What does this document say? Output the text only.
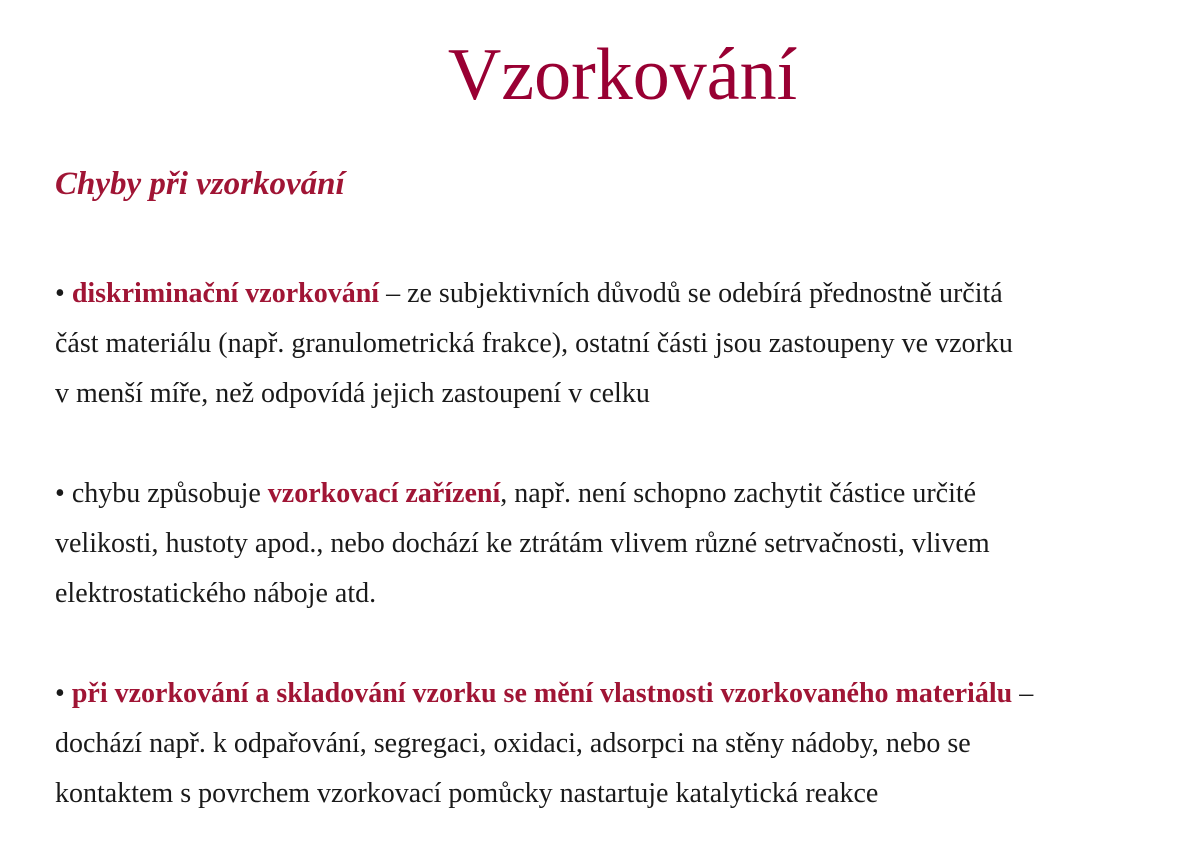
Vzorkování
Chyby při vzorkování
• diskriminační vzorkování – ze subjektivních důvodů se odebírá přednostně určitá
část materiálu (např. granulometrická frakce), ostatní části jsou zastoupeny ve vzorku
v menší míře, než odpovídá jejich zastoupení v celku
• chybu způsobuje vzorkovací zařízení, např. není schopno zachytit částice určité
velikosti, hustoty apod., nebo dochází ke ztrátám vlivem různé setrvačnosti, vlivem
elektrostatického náboje atd.
• při vzorkování a skladování vzorku se mění vlastnosti vzorkovaného materiálu –
dochází např. k odpařování, segregaci, oxidaci, adsorpci na stěny nádoby, nebo se
kontaktem s povrchem vzorkovací pomůcky nastartuje katalytická reakce
